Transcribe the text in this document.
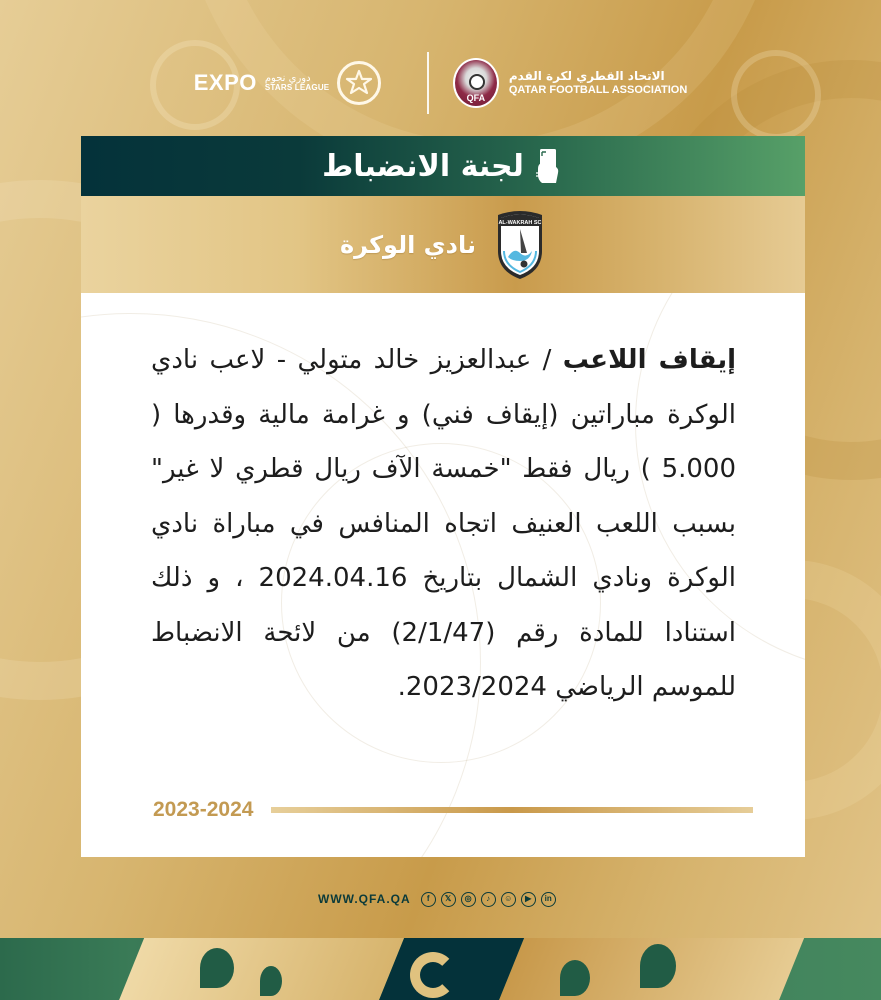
EXPO دوري نجوم
STARS LEAGUE
QFA
الاتحاد القطري لكرة القدم
QATAR FOOTBALL ASSOCIATION
لجنة الانضباط
AL-WAKRAH SC
نادي الوكرة

إيقاف اللاعب / عبدالعزيز خالد متولي - لاعب نادي الوكرة مباراتين (إيقاف فني) و غرامة مالية وقدرها ( 5.000 ) ريال فقط "خمسة الآف ريال قطري لا غير" بسبب اللعب العنيف اتجاه المنافس في مباراة نادي الوكرة ونادي الشمال بتاريخ 2024.04.16 ، و ذلك استنادا للمادة رقم (2/1/47) من لائحة الانضباط للموسم الرياضي 2023/2024.

2023-2024
WWW.QFA.QA	f	𝕏	◎	♪	☺	▶	in
